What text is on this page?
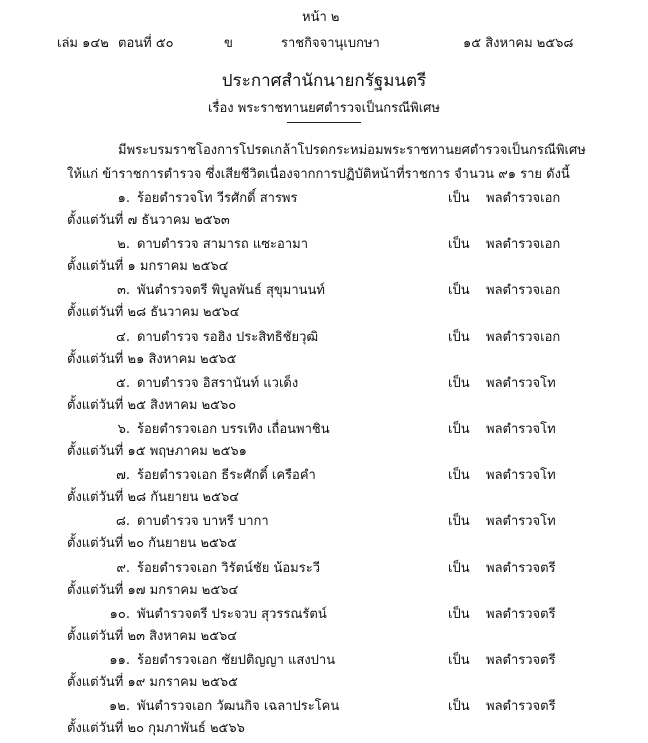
หน้า ๒
เล่ม ๑๔๒ ตอนที่ ๕๐	ข	ราชกิจจานุเบกษา	๑๕ สิงหาคม ๒๕๖๘
ประกาศสำนักนายกรัฐมนตรี
เรื่อง พระราชทานยศตำรวจเป็นกรณีพิเศษ
มีพระบรมราชโองการโปรดเกล้าโปรดกระหม่อมพระราชทานยศตำรวจเป็นกรณีพิเศษ
ให้แก่ ข้าราชการตำรวจ ซึ่งเสียชีวิตเนื่องจากการปฏิบัติหน้าที่ราชการ จำนวน ๙๑ ราย ดังนี้
๑. ร้อยตำรวจโท วีรศักดิ์ สารพร	เป็น พลตำรวจเอก
ตั้งแต่วันที่ ๗ ธันวาคม ๒๕๖๓
๒. ดาบตำรวจ สามารถ แซะอามา	เป็น พลตำรวจเอก
ตั้งแต่วันที่ ๑ มกราคม ๒๕๖๔
๓. พันตำรวจตรี พิบูลพันธ์ สุขุมานนท์	เป็น พลตำรวจเอก
ตั้งแต่วันที่ ๒๘ ธันวาคม ๒๕๖๔
๔. ดาบตำรวจ รอฮิง ประสิทธิชัยวุฒิ	เป็น พลตำรวจเอก
ตั้งแต่วันที่ ๒๑ สิงหาคม ๒๕๖๕
๕. ดาบตำรวจ อิสรานันท์ แวเด็ง	เป็น พลตำรวจโท
ตั้งแต่วันที่ ๒๕ สิงหาคม ๒๕๖๐
๖. ร้อยตำรวจเอก บรรเทิง เถื่อนพาชิน	เป็น พลตำรวจโท
ตั้งแต่วันที่ ๑๕ พฤษภาคม ๒๕๖๑
๗. ร้อยตำรวจเอก ธีระศักดิ์ เครือคำ	เป็น พลตำรวจโท
ตั้งแต่วันที่ ๒๘ กันยายน ๒๕๖๔
๘. ดาบตำรวจ บาหรี บากา	เป็น พลตำรวจโท
ตั้งแต่วันที่ ๒๐ กันยายน ๒๕๖๕
๙. ร้อยตำรวจเอก วิรัตน์ชัย น้อมระวี	เป็น พลตำรวจตรี
ตั้งแต่วันที่ ๑๗ มกราคม ๒๕๖๔
๑๐. พันตำรวจตรี ประจวบ สุวรรณรัตน์	เป็น พลตำรวจตรี
ตั้งแต่วันที่ ๒๓ สิงหาคม ๒๕๖๔
๑๑. ร้อยตำรวจเอก ชัยปติญญา แสงปาน	เป็น พลตำรวจตรี
ตั้งแต่วันที่ ๑๙ มกราคม ๒๕๖๕
๑๒. พันตำรวจเอก วัฒนกิจ เฉลาประโคน	เป็น พลตำรวจตรี
ตั้งแต่วันที่ ๒๐ กุมภาพันธ์ ๒๕๖๖
